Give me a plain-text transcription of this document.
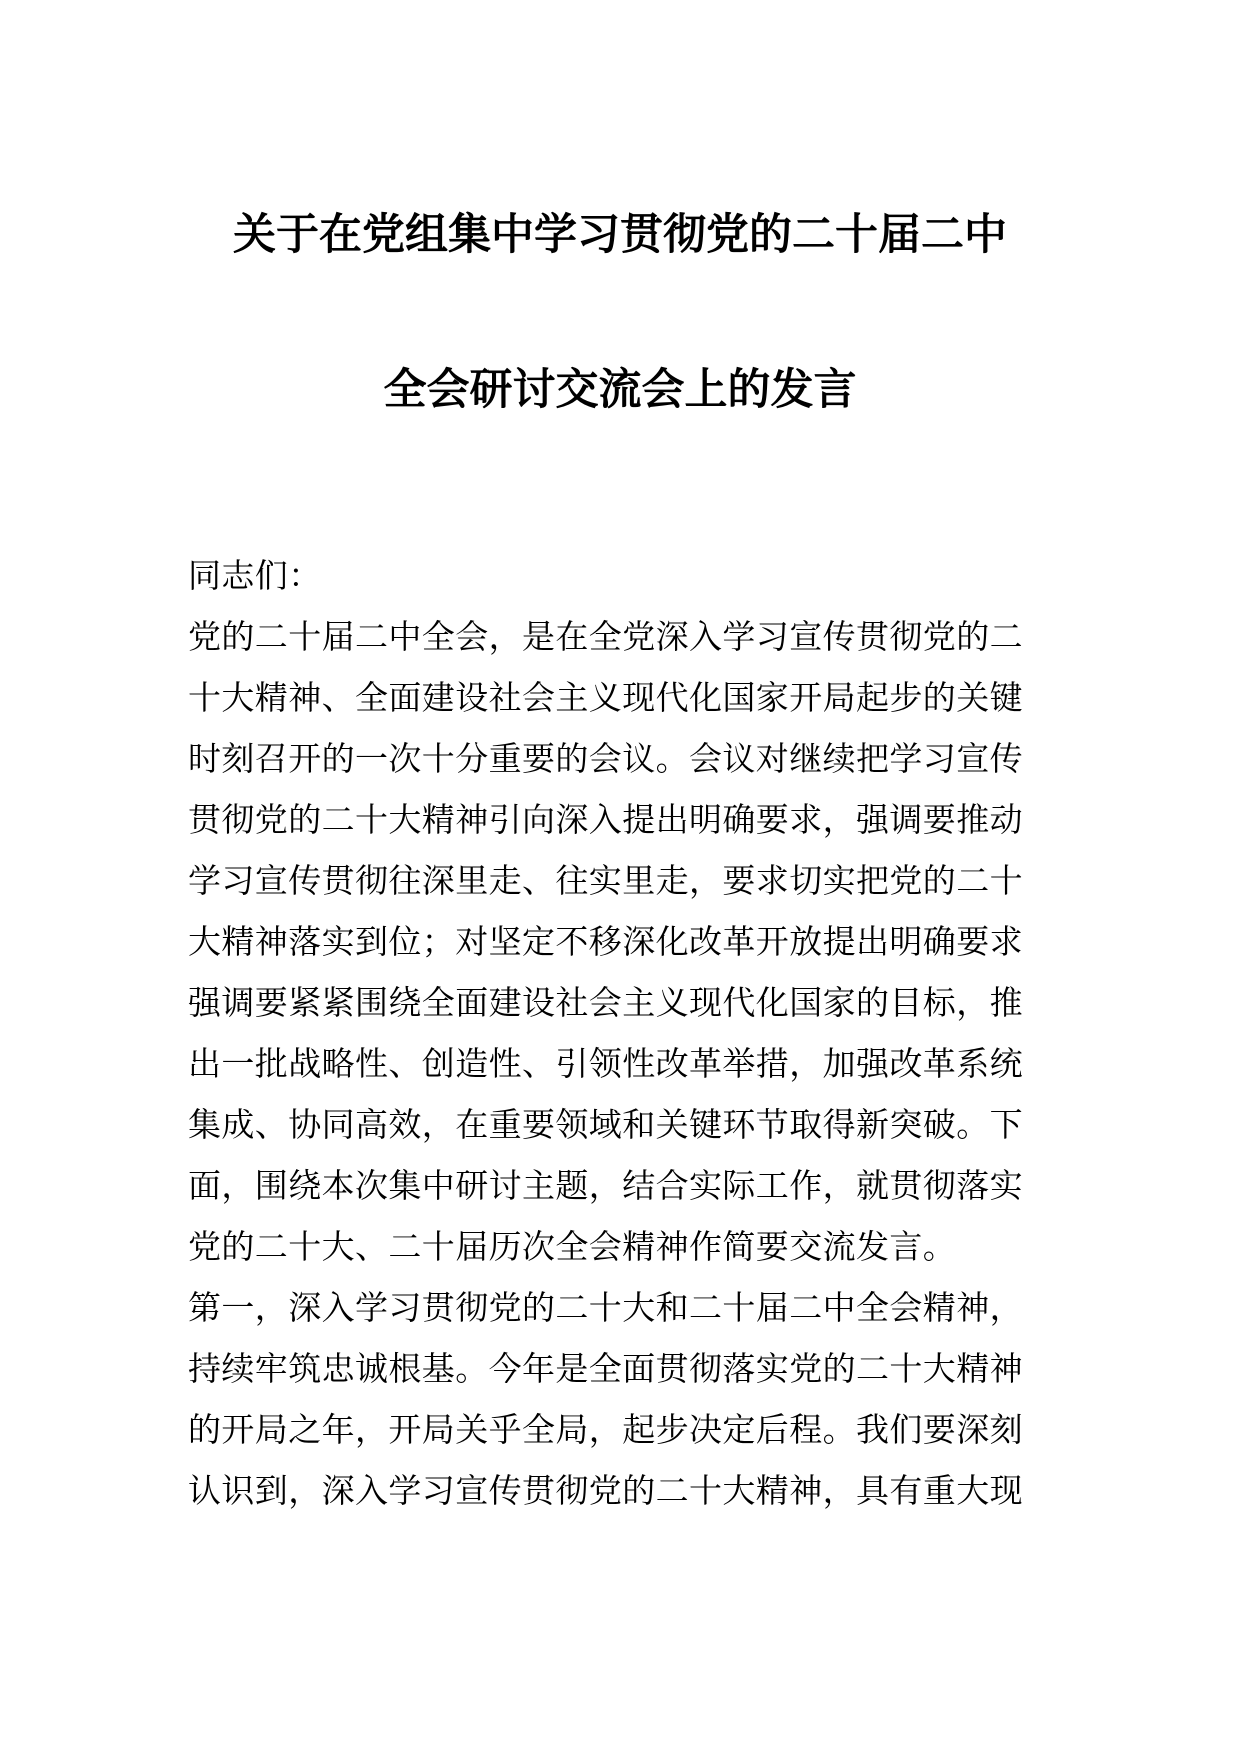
关于在党组集中学习贯彻党的二十届二中
全会研讨交流会上的发言
同志们：
党的二十届二中全会，是在全党深入学习宣传贯彻党的二
十大精神、全面建设社会主义现代化国家开局起步的关键
时刻召开的一次十分重要的会议。会议对继续把学习宣传
贯彻党的二十大精神引向深入提出明确要求，强调要推动
学习宣传贯彻往深里走、往实里走，要求切实把党的二十
大精神落实到位；对坚定不移深化改革开放提出明确要求
强调要紧紧围绕全面建设社会主义现代化国家的目标，推
出一批战略性、创造性、引领性改革举措，加强改革系统
集成、协同高效，在重要领域和关键环节取得新突破。下
面，围绕本次集中研讨主题，结合实际工作，就贯彻落实
党的二十大、二十届历次全会精神作简要交流发言。
第一，深入学习贯彻党的二十大和二十届二中全会精神，
持续牢筑忠诚根基。今年是全面贯彻落实党的二十大精神
的开局之年，开局关乎全局，起步决定后程。我们要深刻
认识到，深入学习宣传贯彻党的二十大精神，具有重大现
